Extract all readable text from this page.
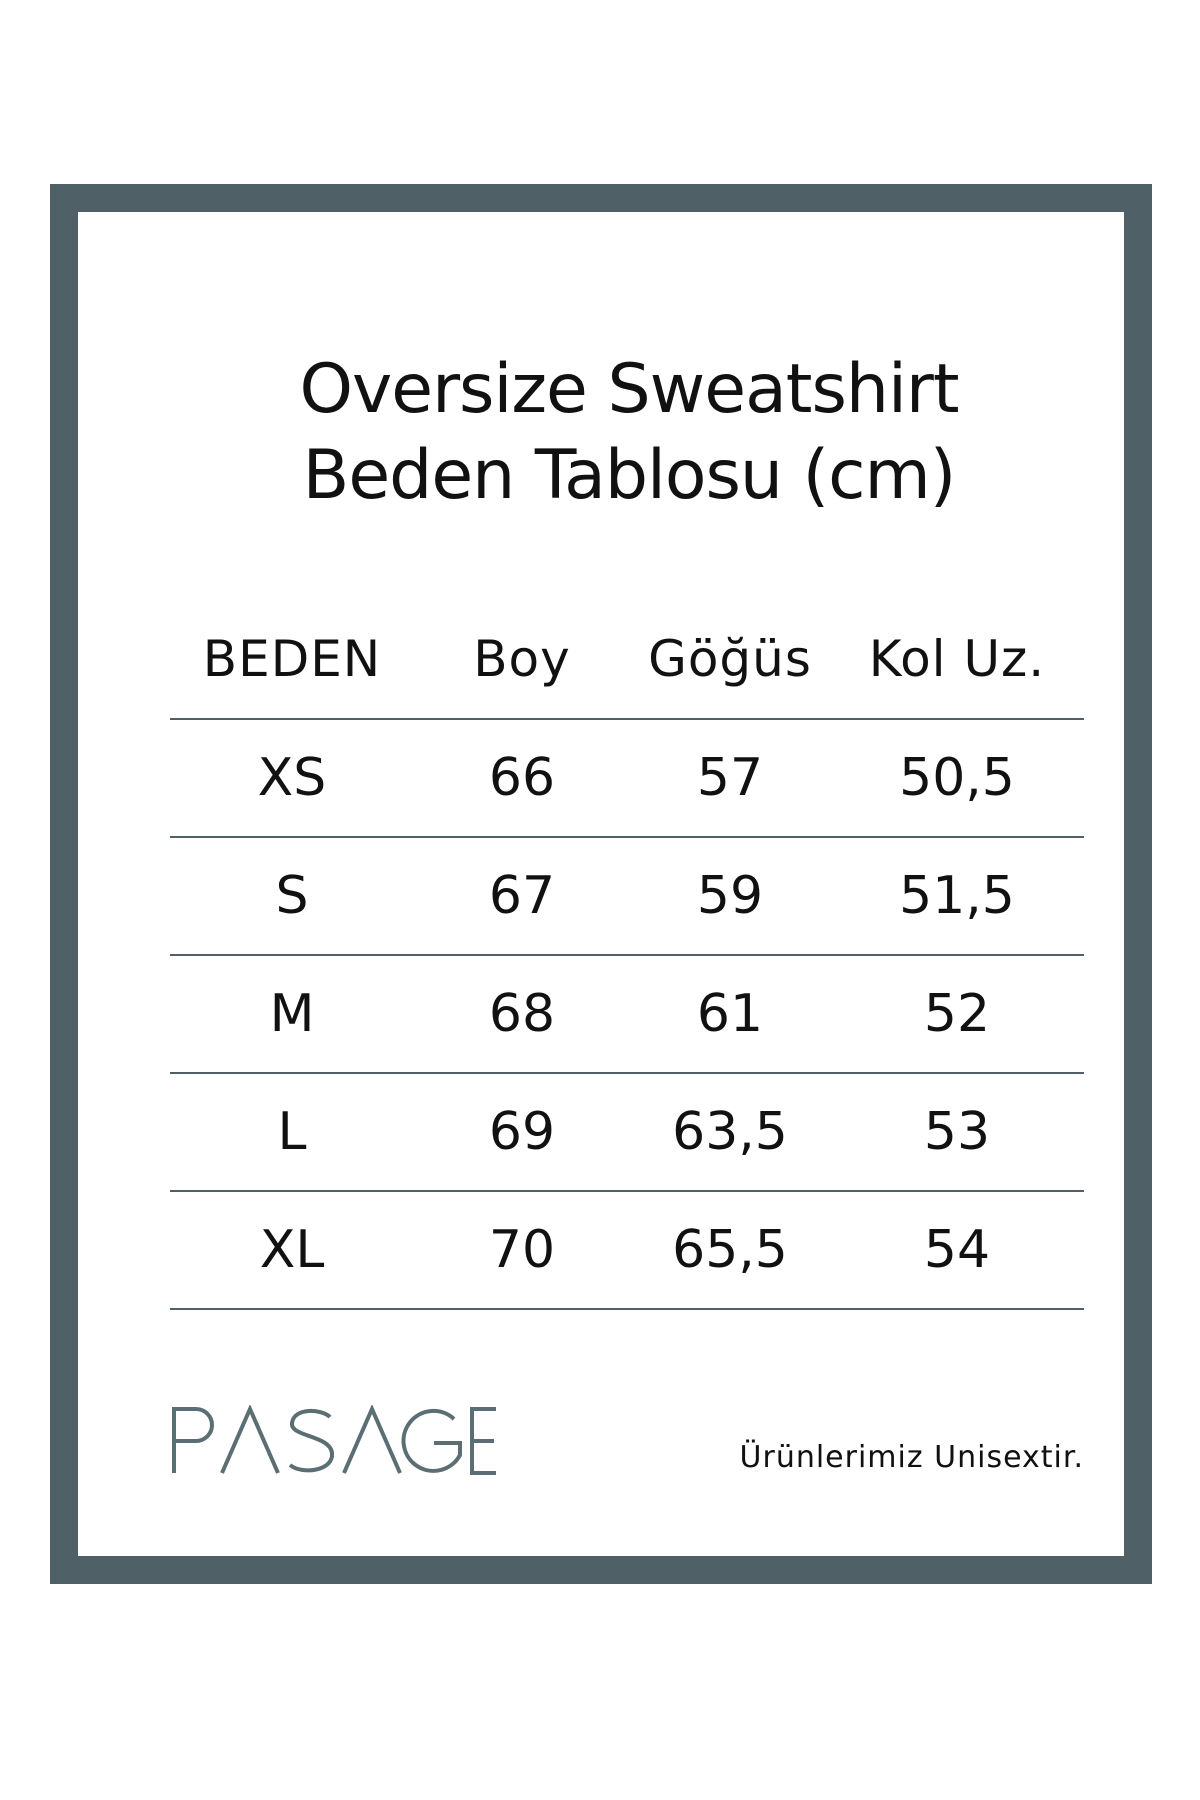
Oversize Sweatshirt
Beden Tablosu (cm)
BEDEN	Boy	Göğüs	Kol Uz.
XS	66	57	50,5
S	67	59	51,5
M	68	61	52
L	69	63,5	53
XL	70	65,5	54
Ürünlerimiz Unisextir.
